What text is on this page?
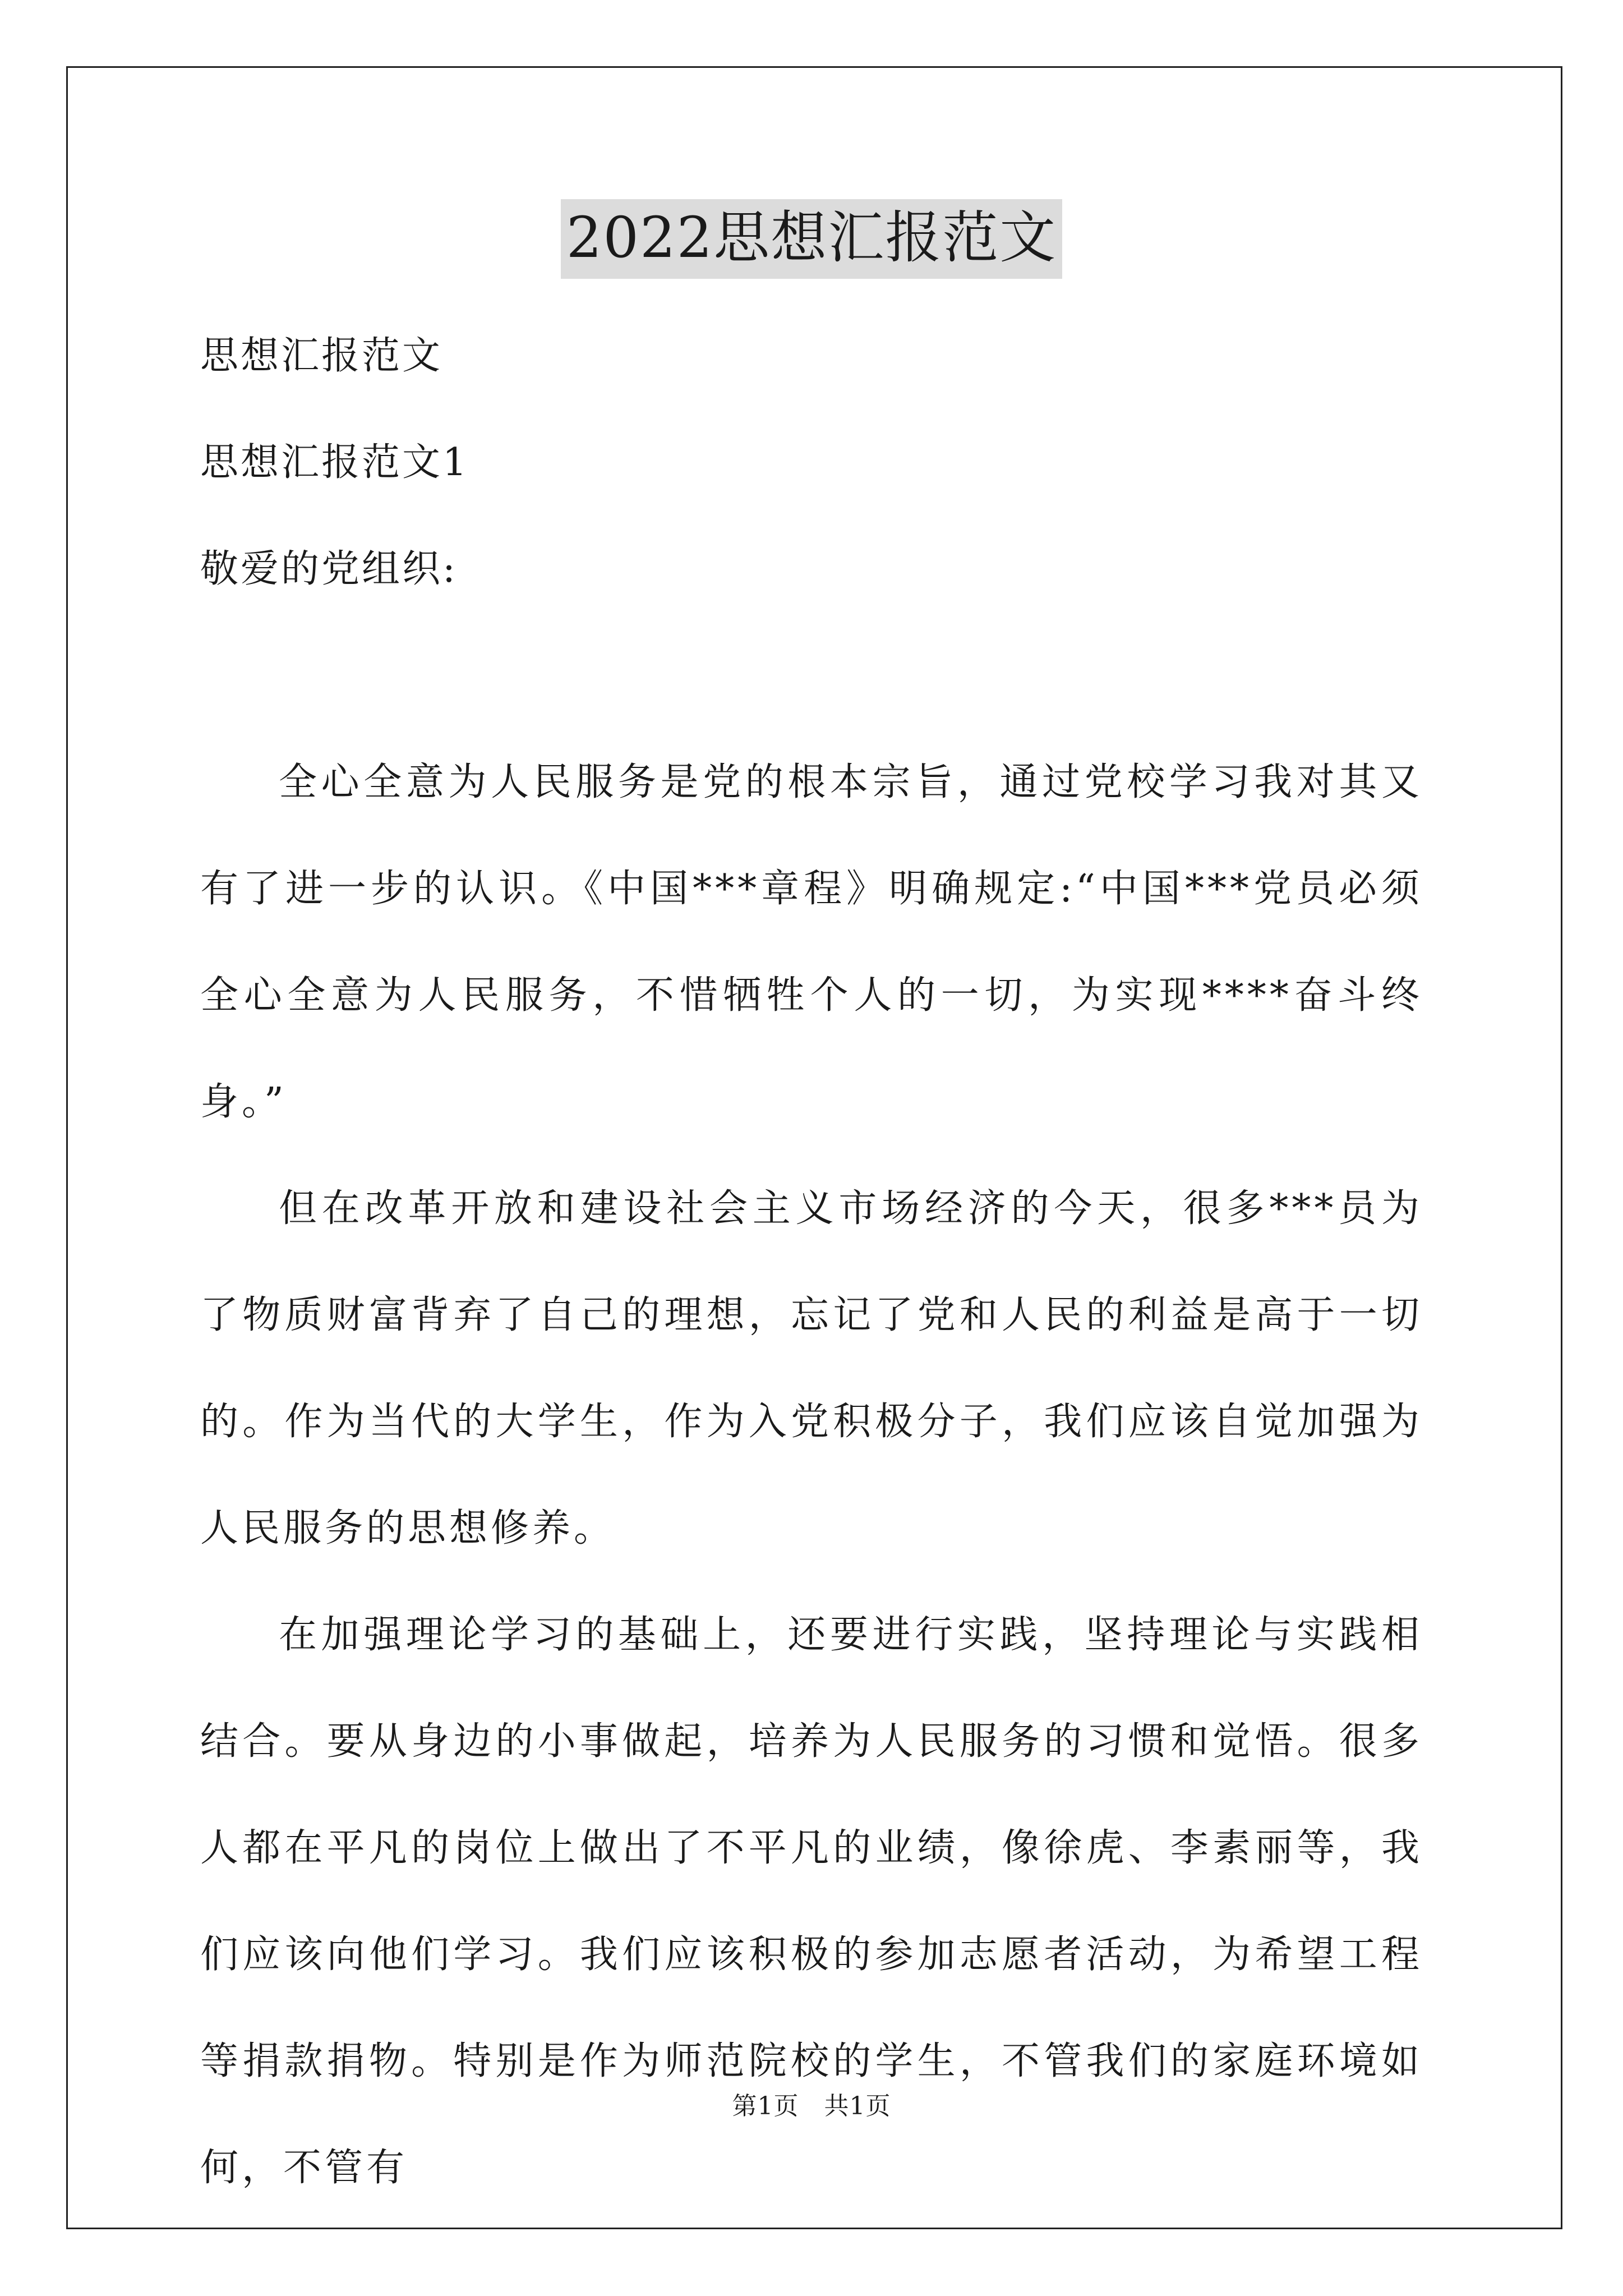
2022思想汇报范文
思想汇报范文
思想汇报范文1
敬爱的党组织:

全心全意为人民服务是党的根本宗旨，通过党校学习我对其又有了进一步的认识。《中国***章程》明确规定:“中国***党员必须全心全意为人民服务，不惜牺牲个人的一切，为实现****奋斗终身。”

但在改革开放和建设社会主义市场经济的今天，很多***员为了物质财富背弃了自己的理想，忘记了党和人民的利益是高于一切的。作为当代的大学生，作为入党积极分子，我们应该自觉加强为人民服务的思想修养。

在加强理论学习的基础上，还要进行实践，坚持理论与实践相结合。要从身边的小事做起，培养为人民服务的习惯和觉悟。很多人都在平凡的岗位上做出了不平凡的业绩，像徐虎、李素丽等，我们应该向他们学习。我们应该积极的参加志愿者活动，为希望工程等捐款捐物。特别是作为师范院校的学生，不管我们的家庭环境如何，不管有

第1页　共1页
